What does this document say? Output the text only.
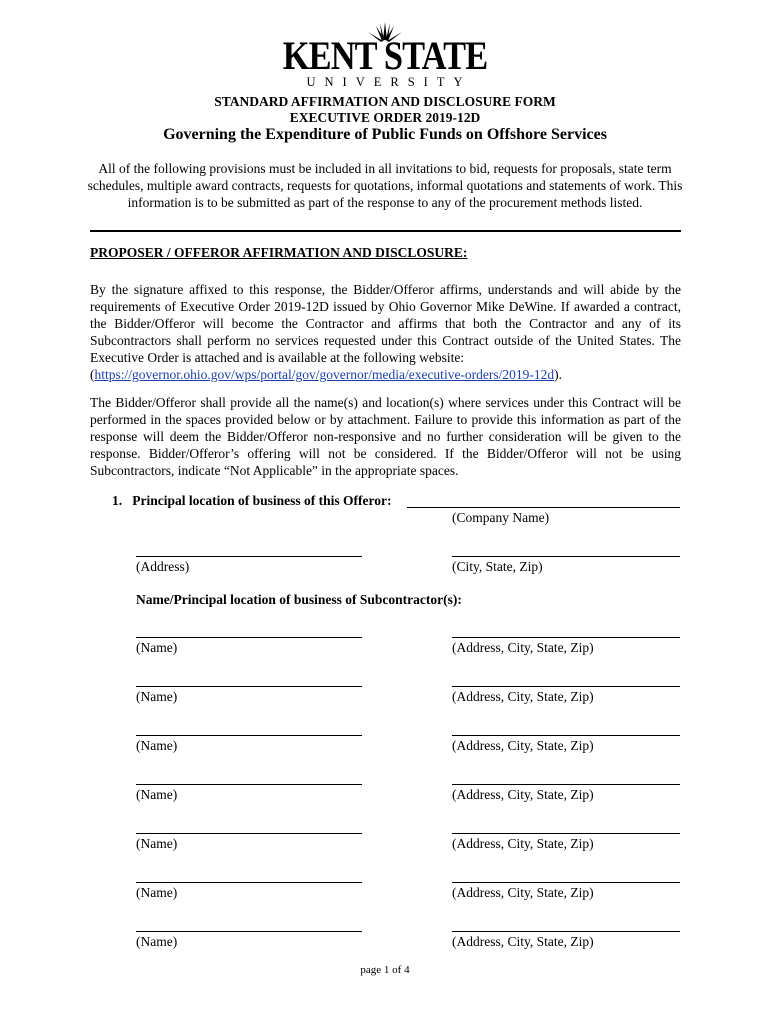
KENT STATE
UNIVERSITY
STANDARD AFFIRMATION AND DISCLOSURE FORM
EXECUTIVE ORDER 2019-12D
Governing the Expenditure of Public Funds on Offshore Services
All of the following provisions must be included in all invitations to bid, requests for proposals, state term schedules, multiple award contracts, requests for quotations, informal quotations and statements of work. This information is to be submitted as part of the response to any of the procurement methods listed.
PROPOSER / OFFEROR AFFIRMATION AND DISCLOSURE:
By the signature affixed to this response, the Bidder/Offeror affirms, understands and will abide by the requirements of Executive Order 2019-12D issued by Ohio Governor Mike DeWine. If awarded a contract, the Bidder/Offeror will become the Contractor and affirms that both the Contractor and any of its Subcontractors shall perform no services requested under this Contract outside of the United States. The Executive Order is attached and is available at the following website:
(https://governor.ohio.gov/wps/portal/gov/governor/media/executive-orders/2019-12d).
The Bidder/Offeror shall provide all the name(s) and location(s) where services under this Contract will be performed in the spaces provided below or by attachment. Failure to provide this information as part of the response will deem the Bidder/Offeror non-responsive and no further consideration will be given to the response. Bidder/Offeror’s offering will not be considered. If the Bidder/Offeror will not be using Subcontractors, indicate “Not Applicable” in the appropriate spaces.
1. Principal location of business of this Offeror:
(Company Name)
(Address)	(City, State, Zip)
Name/Principal location of business of Subcontractor(s):
(Name)	(Address, City, State, Zip)
(Name)	(Address, City, State, Zip)
(Name)	(Address, City, State, Zip)
(Name)	(Address, City, State, Zip)
(Name)	(Address, City, State, Zip)
(Name)	(Address, City, State, Zip)
(Name)	(Address, City, State, Zip)
page 1 of 4
